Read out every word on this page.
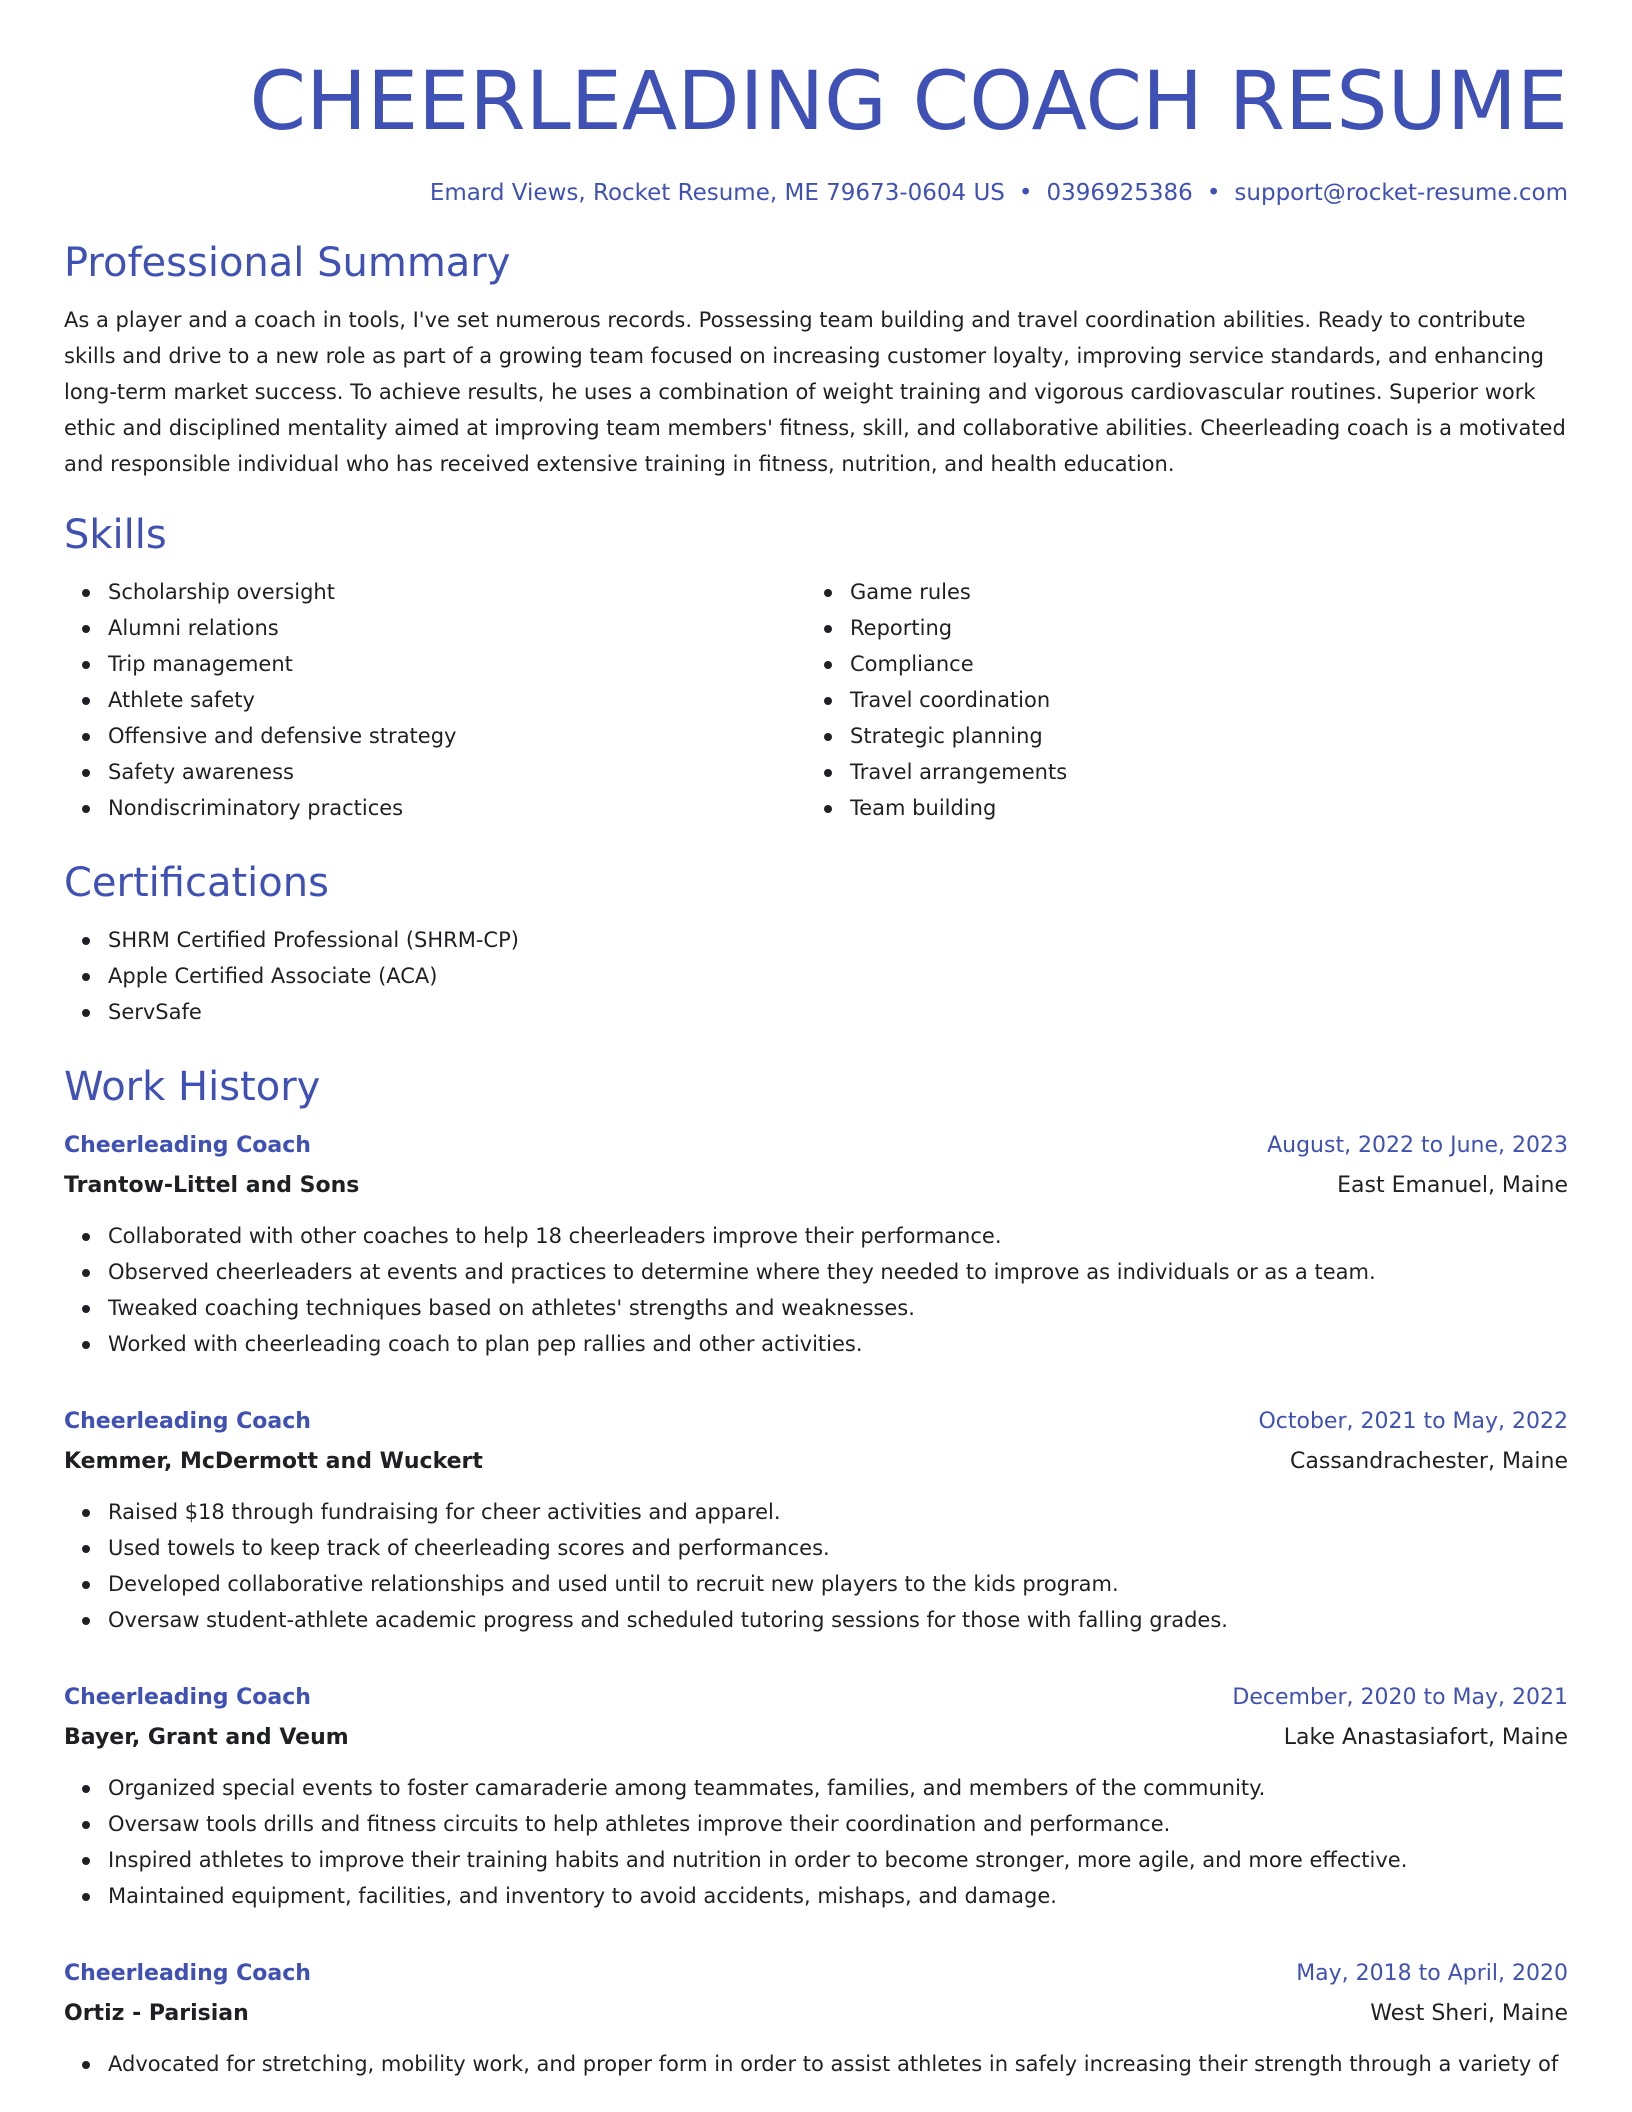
CHEERLEADING COACH RESUME
Emard Views, Rocket Resume, ME 79673-0604 US • 0396925386 • support@rocket-resume.com
Professional Summary

As a player and a coach in tools, I've set numerous records. Possessing team building and travel coordination abilities. Ready to contribute skills and drive to a new role as part of a growing team focused on increasing customer loyalty, improving service standards, and enhancing long-term market success. To achieve results, he uses a combination of weight training and vigorous cardiovascular routines. Superior work ethic and disciplined mentality aimed at improving team members' fitness, skill, and collaborative abilities. Cheerleading coach is a motivated and responsible individual who has received extensive training in fitness, nutrition, and health education.

Skills
Scholarship oversight
Alumni relations
Trip management
Athlete safety
Offensive and defensive strategy
Safety awareness
Nondiscriminatory practices
Game rules
Reporting
Compliance
Travel coordination
Strategic planning
Travel arrangements
Team building
Certifications
SHRM Certified Professional (SHRM-CP)
Apple Certified Associate (ACA)
ServSafe
Work History
Cheerleading Coach	August, 2022 to June, 2023
Trantow-Littel and Sons	East Emanuel, Maine
Collaborated with other coaches to help 18 cheerleaders improve their performance.
Observed cheerleaders at events and practices to determine where they needed to improve as individuals or as a team.
Tweaked coaching techniques based on athletes' strengths and weaknesses.
Worked with cheerleading coach to plan pep rallies and other activities.
Cheerleading Coach	October, 2021 to May, 2022
Kemmer, McDermott and Wuckert	Cassandrachester, Maine
Raised $18 through fundraising for cheer activities and apparel.
Used towels to keep track of cheerleading scores and performances.
Developed collaborative relationships and used until to recruit new players to the kids program.
Oversaw student-athlete academic progress and scheduled tutoring sessions for those with falling grades.
Cheerleading Coach	December, 2020 to May, 2021
Bayer, Grant and Veum	Lake Anastasiafort, Maine
Organized special events to foster camaraderie among teammates, families, and members of the community.
Oversaw tools drills and fitness circuits to help athletes improve their coordination and performance.
Inspired athletes to improve their training habits and nutrition in order to become stronger, more agile, and more effective.
Maintained equipment, facilities, and inventory to avoid accidents, mishaps, and damage.
Cheerleading Coach	May, 2018 to April, 2020
Ortiz - Parisian	West Sheri, Maine
Advocated for stretching, mobility work, and proper form in order to assist athletes in safely increasing their strength through a variety of
